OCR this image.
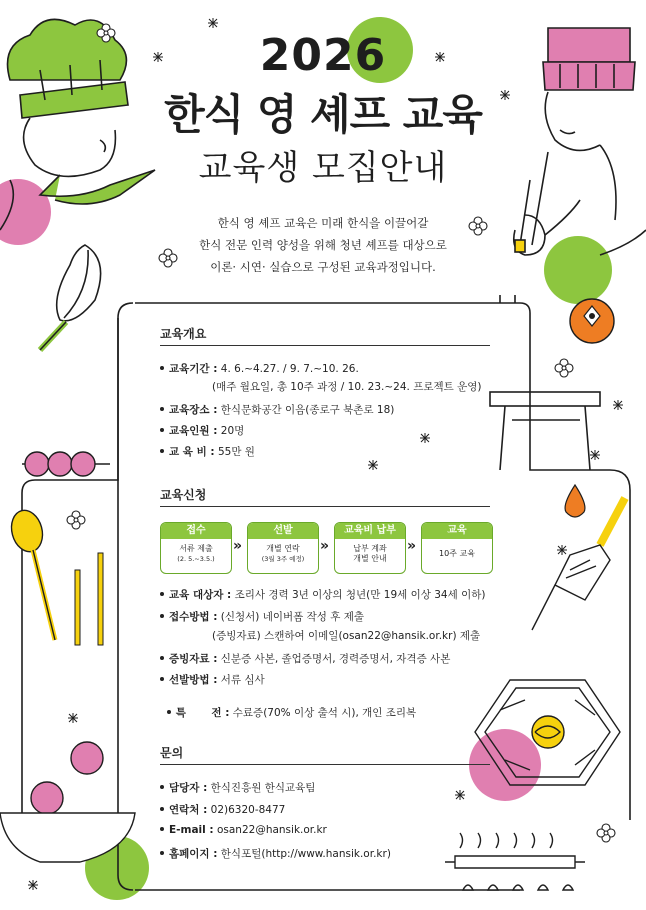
2026
한식 영 셰프 교육
교육생 모집안내
한식 영 셰프 교육은 미래 한식을 이끌어갈
한식 전문 인력 양성을 위해 청년 셰프를 대상으로
이론· 시연· 실습으로 구성된 교육과정입니다.
교육개요
교육기간 : 4. 6.~4.27. / 9. 7.~10. 26.
(매주 월요일, 총 10주 과정 / 10. 23.~24. 프로젝트 운영)
교육장소 : 한식문화공간 이음(종로구 북촌로 18)
교육인원 : 20명
교 육 비 : 55만 원
교육신청
접수
서류 제출
(2. 5.~3.5.)
»
선발
개별 연락
(3월 3주 예정)
»
교육비 납부
납부 계좌
개별 안내
»
교육
10주 교육
교육 대상자 : 조리사 경력 3년 이상의 청년(만 19세 이상 34세 이하)
접수방법 : (신청서) 네이버폼 작성 후 제출
(증빙자료) 스캔하여 이메일(osan22@hansik.or.kr) 제출
증빙자료 : 신분증 사본, 졸업증명서, 경력증명서, 자격증 사본
선발방법 : 서류 심사

특       전 : 수료증(70% 이상 출석 시), 개인 조리복

문의
담당자 : 한식진흥원 한식교육팀
연락처 : 02)6320-8477
E-mail : osan22@hansik.or.kr
홈페이지 : 한식포털(http://www.hansik.or.kr)
